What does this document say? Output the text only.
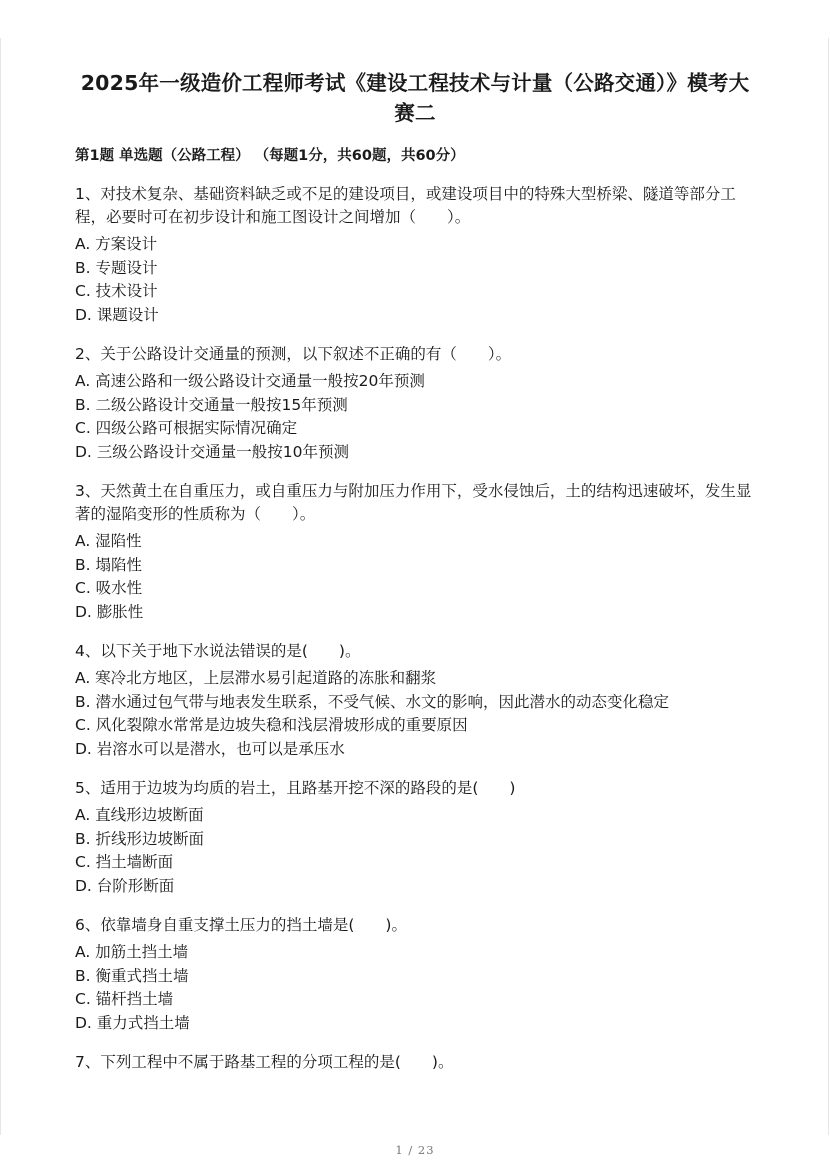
2025年一级造价工程师考试《建设工程技术与计量（公路交通）》模考大赛二
第1题 单选题（公路工程） （每题1分，共60题，共60分）

1、对技术复杂、基础资料缺乏或不足的建设项目，或建设项目中的特殊大型桥梁、隧道等部分工程，必要时可在初步设计和施工图设计之间增加（　　）。

A. 方案设计
B. 专题设计
C. 技术设计
D. 课题设计

2、关于公路设计交通量的预测，以下叙述不正确的有（　　）。

A. 高速公路和一级公路设计交通量一般按20年预测
B. 二级公路设计交通量一般按15年预测
C. 四级公路可根据实际情况确定
D. 三级公路设计交通量一般按10年预测

3、天然黄土在自重压力，或自重压力与附加压力作用下，受水侵蚀后，土的结构迅速破坏，发生显著的湿陷变形的性质称为（　　）。

A. 湿陷性
B. 塌陷性
C. 吸水性
D. 膨胀性

4、以下关于地下水说法错误的是(　　)。

A. 寒冷北方地区，上层滞水易引起道路的冻胀和翻浆
B. 潜水通过包气带与地表发生联系，不受气候、水文的影响，因此潜水的动态变化稳定
C. 风化裂隙水常常是边坡失稳和浅层滑坡形成的重要原因
D. 岩溶水可以是潜水，也可以是承压水

5、适用于边坡为均质的岩土，且路基开挖不深的路段的是(　　)

A. 直线形边坡断面
B. 折线形边坡断面
C. 挡土墙断面
D. 台阶形断面

6、依靠墙身自重支撑土压力的挡土墙是(　　)。

A. 加筋土挡土墙
B. 衡重式挡土墙
C. 锚杆挡土墙
D. 重力式挡土墙

7、下列工程中不属于路基工程的分项工程的是(　　)。

1 / 23
